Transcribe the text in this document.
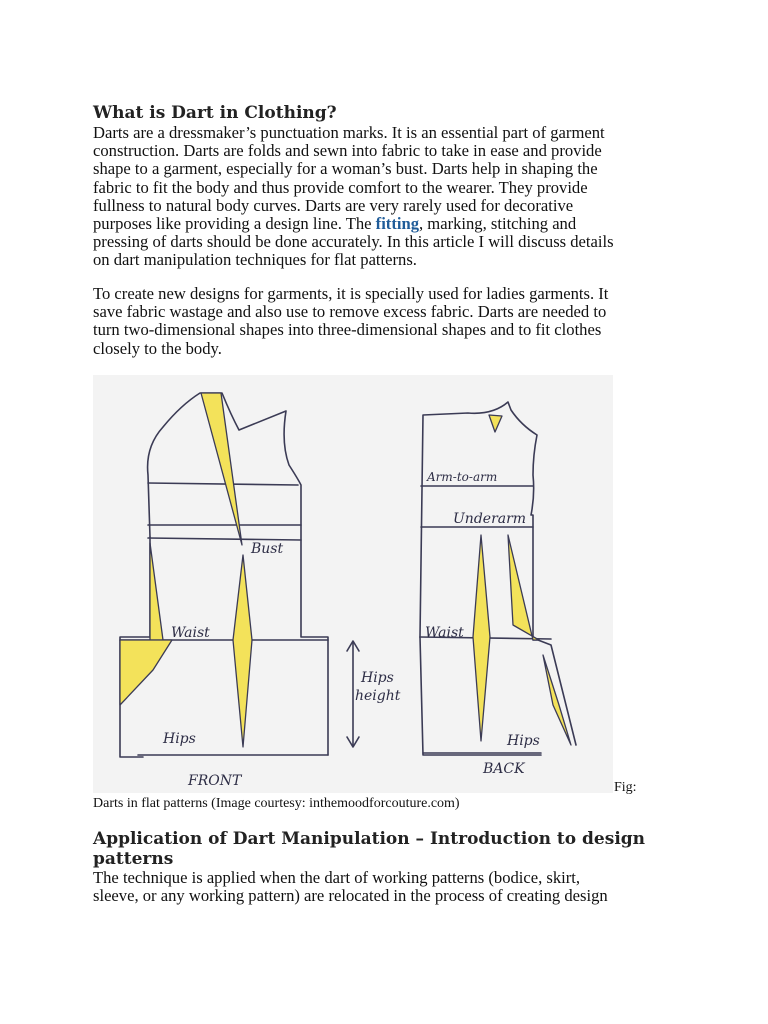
What is Dart in Clothing?

Darts are a dressmaker’s punctuation marks. It is an essential part of garment
construction. Darts are folds and sewn into fabric to take in ease and provide
shape to a garment, especially for a woman’s bust. Darts help in shaping the
fabric to fit the body and thus provide comfort to the wearer. They provide
fullness to natural body curves. Darts are very rarely used for decorative
purposes like providing a design line. The fitting, marking, stitching and
pressing of darts should be done accurately. In this article I will discuss details
on dart manipulation techniques for flat patterns.

To create new designs for garments, it is specially used for ladies garments. It
save fabric wastage and also use to remove excess fabric. Darts are needed to
turn two-dimensional shapes into three-dimensional shapes and to fit clothes
closely to the body.

Bust
Waist
Hips
FRONT
Hips
height
Arm-to-arm
Underarm
Waist
Hips
BACK
Fig:
Darts in flat patterns (Image courtesy: inthemoodforcouture.com)
Application of Dart Manipulation – Introduction to design
patterns

The technique is applied when the dart of working patterns (bodice, skirt,
sleeve, or any working pattern) are relocated in the process of creating design
